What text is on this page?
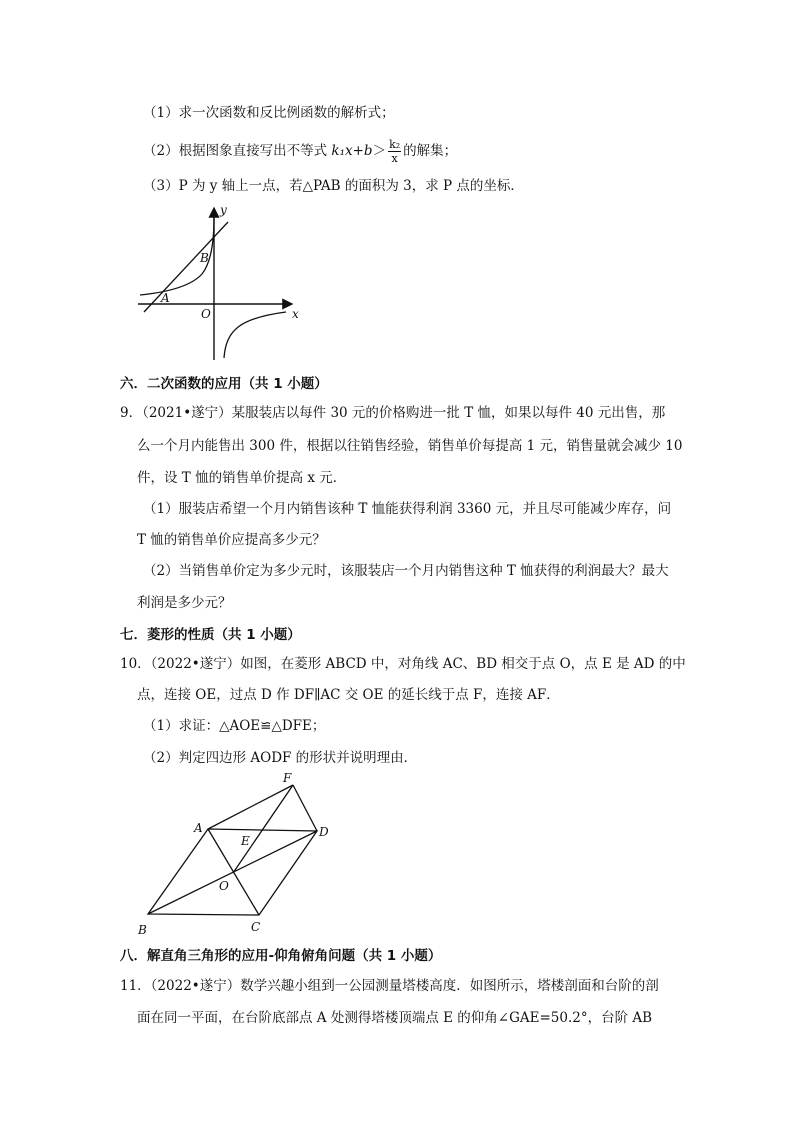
（1）求一次函数和反比例函数的解析式；
（2）根据图象直接写出不等式 $k_1x+b> \frac{\text{k₂}}{x}$ 的解集；
（3）P 为 y 轴上一点，若△PAB 的面积为 3，求 P 点的坐标．
y
x
O
A
B
六．二次函数的应用（共 1 小题）
9．（2021•遂宁）某服装店以每件 30 元的价格购进一批 T 恤，如果以每件 40 元出售，那
么一个月内能售出 300 件，根据以往销售经验，销售单价每提高 1 元，销售量就会减少 10
件，设 T 恤的销售单价提高 x 元．
（1）服装店希望一个月内销售该种 T 恤能获得利润 3360 元，并且尽可能减少库存，问
T 恤的销售单价应提高多少元？
（2）当销售单价定为多少元时，该服装店一个月内销售这种 T 恤获得的利润最大？最大
利润是多少元？
七．菱形的性质（共 1 小题）
10．（2022•遂宁）如图，在菱形 ABCD 中，对角线 AC、BD 相交于点 O，点 E 是 AD 的中
点，连接 OE，过点 D 作 DF∥AC 交 OE 的延长线于点 F，连接 AF．
（1）求证：△AOE≌△DFE；
（2）判定四边形 AODF 的形状并说明理由．
F
A	D
E
O
B	C
八．解直角三角形的应用-仰角俯角问题（共 1 小题）
11．（2022•遂宁）数学兴趣小组到一公园测量塔楼高度．如图所示，塔楼剖面和台阶的剖
面在同一平面，在台阶底部点 A 处测得塔楼顶端点 E 的仰角∠GAE=50.2°，台阶 AB
